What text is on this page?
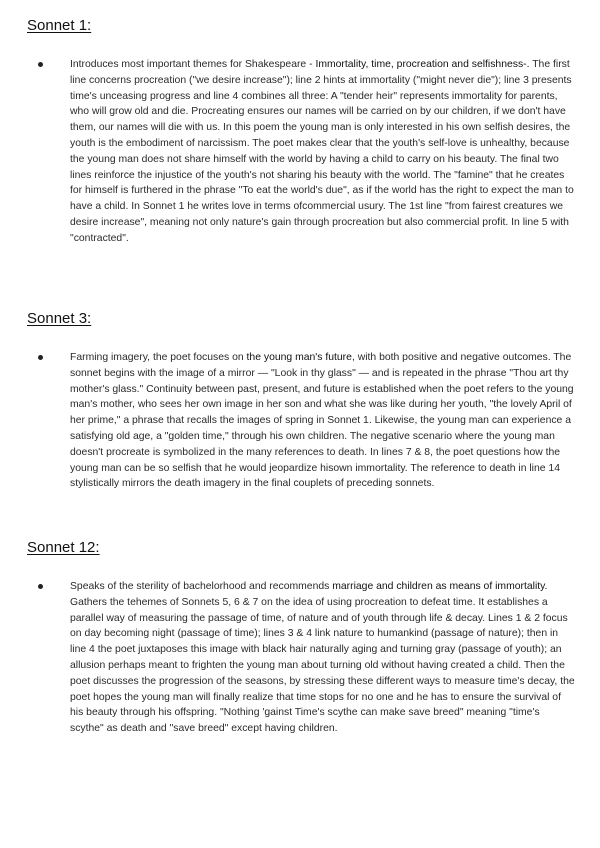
Sonnet 1:

Introduces most important themes for Shakespeare - Immortality, time, procreation and selfishness-. The first line concerns procreation ("we desire increase"); line 2 hints at immortality ("might never die"); line 3 presents time's unceasing progress and line 4 combines all three: A "tender heir" represents immortality for parents, who will grow old and die. Procreating ensures our names will be carried on by our children, if we don't have them, our names will die with us. In this poem the young man is only interested in his own selfish desires, the youth is the embodiment of narcissism. The poet makes clear that the youth's self-love is unhealthy, because the young man does not share himself with the world by having a child to carry on his beauty. The final two lines reinforce the injustice of the youth's not sharing his beauty with the world. The "famine" that he creates for himself is furthered in the phrase "To eat the world's due", as if the world has the right to expect the man to have a child. In Sonnet 1 he writes love in terms ofcommercial usury. The 1st line "from fairest creatures we desire increase", meaning not only nature's gain through procreation but also commercial profit. In line 5 with "contracted".

Sonnet 3:

Farming imagery, the poet focuses on the young man's future, with both positive and negative outcomes. The sonnet begins with the image of a mirror — "Look in thy glass" — and is repeated in the phrase "Thou art thy mother's glass." Continuity between past, present, and future is established when the poet refers to the young man's mother, who sees her own image in her son and what she was like during her youth, "the lovely April of her prime," a phrase that recalls the images of spring in Sonnet 1. Likewise, the young man can experience a satisfying old age, a "golden time," through his own children. The negative scenario where the young man doesn't procreate is symbolized in the many references to death. In lines 7 & 8, the poet questions how the young man can be so selfish that he would jeopardize hisown immortality. The reference to death in line 14 stylistically mirrors the death imagery in the final couplets of preceding sonnets.

Sonnet 12:

Speaks of the sterility of bachelorhood and recommends marriage and children as means of immortality. Gathers the tehemes of Sonnets 5, 6 & 7 on the idea of using procreation to defeat time. It establishes a parallel way of measuring the passage of time, of nature and of youth through life & decay. Lines 1 & 2 focus on day becoming night (passage of time); lines 3 & 4 link nature to humankind (passage of nature); then in line 4 the poet juxtaposes this image with black hair naturally aging and turning gray (passage of youth); an allusion perhaps meant to frighten the young man about turning old without having created a child. Then the poet discusses the progression of the seasons, by stressing these different ways to measure time's decay, the poet hopes the young man will finally realize that time stops for no one and he has to ensure the survival of his beauty through his offspring. "Nothing 'gainst Time's scythe can make save breed" meaning "time's scythe" as death and "save breed" except having children.
